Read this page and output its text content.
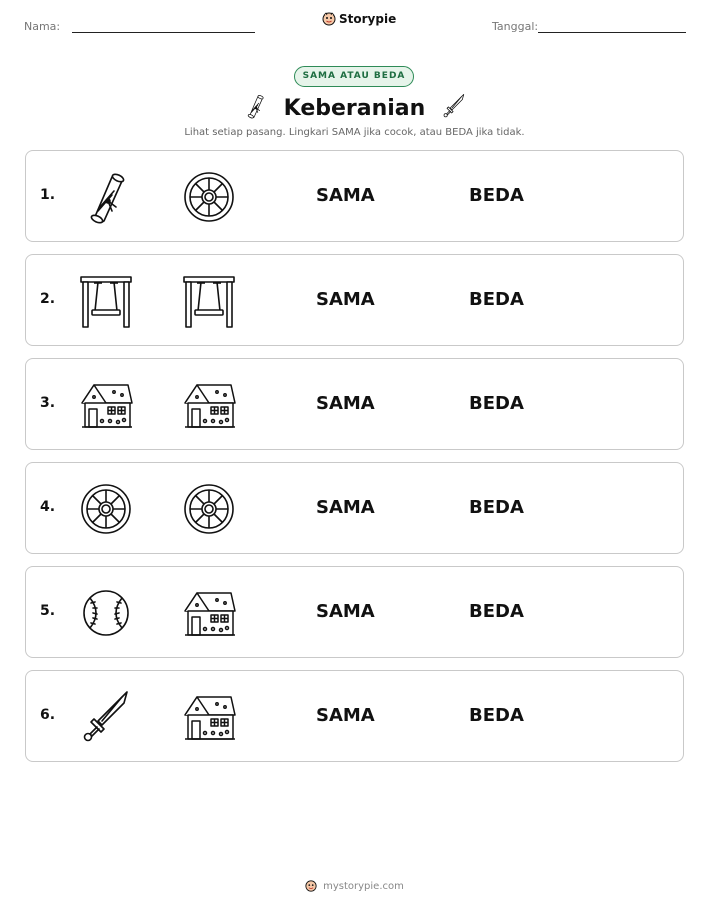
Nama:
Storypie
Tanggal:
SAMA ATAU BEDA
Keberanian
Lihat setiap pasang. Lingkari SAMA jika cocok, atau BEDA jika tidak.
1.	SAMA	BEDA
2.	SAMA	BEDA
3.	SAMA	BEDA
4.	SAMA	BEDA
5.	SAMA	BEDA
6.	SAMA	BEDA
mystorypie.com
